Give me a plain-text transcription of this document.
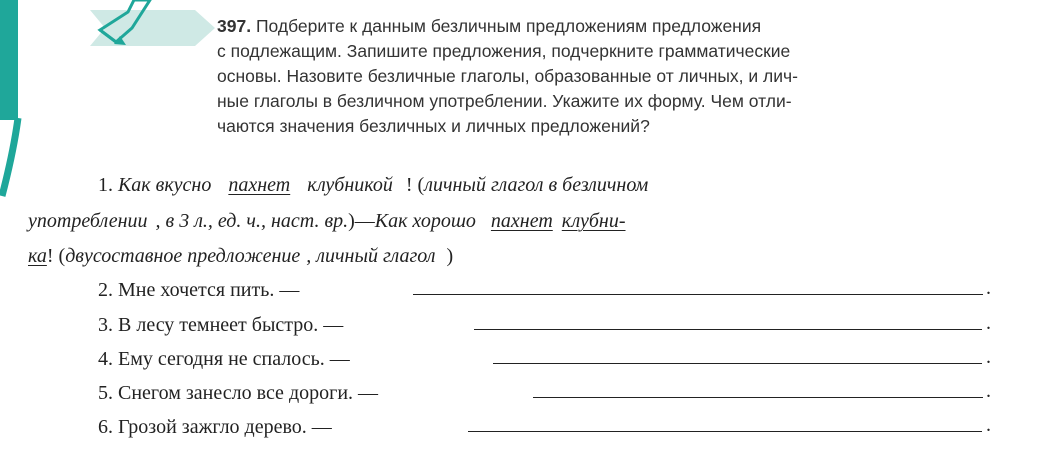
397. Подберите к данным безличным предложениям предложения
с подлежащим. Запишите предложения, подчеркните грамматические
основы. Назовите безличные глаголы, образованные от личных, и лич-
ные глаголы в безличном употреблении. Укажите их форму. Чем отли-
чаются значения безличных и личных предложений?
1. Как вкусно пахнет клубникой ! (личный глагол в безличном
употреблении , в 3 л., ед. ч., наст. вр.)—Как хорошо пахнет клубни-
ка! (двусоставное предложение , личный глагол )
2. Мне хочется пить. —	.
3. В лесу темнеет быстро. —	.
4. Ему сегодня не спалось. —	.
5. Снегом занесло все дороги. —	.
6. Грозой зажгло дерево. —	.
